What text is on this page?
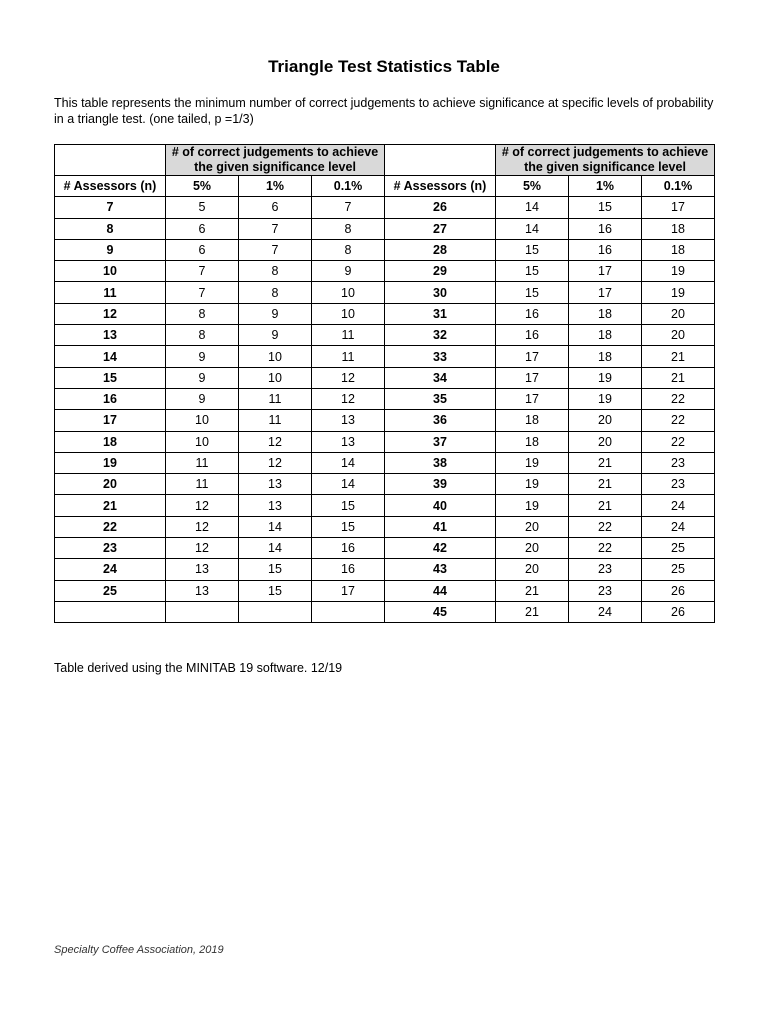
Triangle Test Statistics Table
This table represents the minimum number of correct judgements to achieve significance at specific levels of probability in a triangle test. (one tailed, p =1/3)
	# of correct judgements to achieve the given significance level				# of correct judgements to achieve the given significance level		
# Assessors (n)	5%	1%	0.1%	# Assessors (n)	5%	1%	0.1%
7	5	6	7	26	14	15	17
8	6	7	8	27	14	16	18
9	6	7	8	28	15	16	18
10	7	8	9	29	15	17	19
11	7	8	10	30	15	17	19
12	8	9	10	31	16	18	20
13	8	9	11	32	16	18	20
14	9	10	11	33	17	18	21
15	9	10	12	34	17	19	21
16	9	11	12	35	17	19	22
17	10	11	13	36	18	20	22
18	10	12	13	37	18	20	22
19	11	12	14	38	19	21	23
20	11	13	14	39	19	21	23
21	12	13	15	40	19	21	24
22	12	14	15	41	20	22	24
23	12	14	16	42	20	22	25
24	13	15	16	43	20	23	25
25	13	15	17	44	21	23	26
				45	21	24	26
Table derived using the MINITAB 19 software. 12/19
Specialty Coffee Association, 2019
